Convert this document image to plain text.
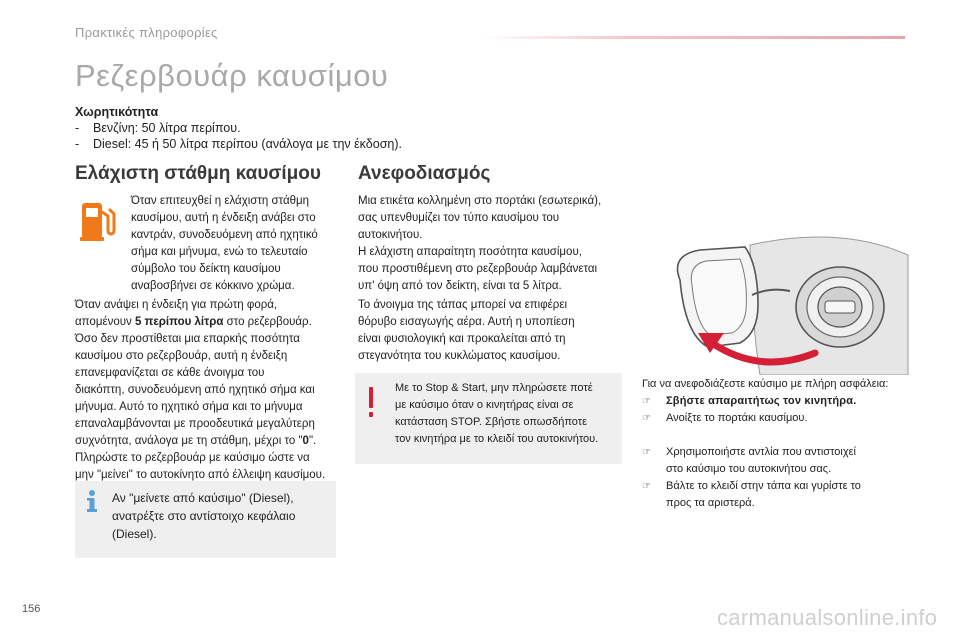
Πρακτικές πληροφορίες
Ρεζερβουάρ καυσίμου
Χωρητικότητα
- Βενζίνη: 50 λίτρα περίπου.
- Diesel: 45 ή 50 λίτρα περίπου (ανάλογα με την έκδοση).
Ελάχιστη στάθμη καυσίμου
Όταν επιτευχθεί η ελάχιστη στάθμη
καυσίμου, αυτή η ένδειξη ανάβει στο
καντράν, συνοδευόμενη από ηχητικό
σήμα και μήνυμα, ενώ το τελευταίο
σύμβολο του δείκτη καυσίμου
αναβοσβήνει σε κόκκινο χρώμα.
Όταν ανάψει η ένδειξη για πρώτη φορά,
απομένουν 5 περίπου λίτρα στο ρεζερβουάρ.
Όσο δεν προστίθεται μια επαρκής ποσότητα
καυσίμου στο ρεζερβουάρ, αυτή η ένδειξη
επανεμφανίζεται σε κάθε άνοιγμα του
διακόπτη, συνοδευόμενη από ηχητικό σήμα και
μήνυμα. Αυτό το ηχητικό σήμα και το μήνυμα
επαναλαμβάνονται με προοδευτικά μεγαλύτερη
συχνότητα, ανάλογα με τη στάθμη, μέχρι το "0".
Πληρώστε το ρεζερβουάρ με καύσιμο ώστε να
μην "μείνει" το αυτοκίνητο από έλλειψη καυσίμου.
Αν "μείνετε από καύσιμο" (Diesel),
ανατρέξτε στο αντίστοιχο κεφάλαιο
(Diesel).
Ανεφοδιασμός
Μια ετικέτα κολλημένη στο πορτάκι (εσωτερικά),
σας υπενθυμίζει τον τύπο καυσίμου του
αυτοκινήτου.
Η ελάχιστη απαραίτητη ποσότητα καυσίμου,
που προστιθέμενη στο ρεζερβουάρ λαμβάνεται
υπ' όψη από τον δείκτη, είναι τα 5 λίτρα.
Το άνοιγμα της τάπας μπορεί να επιφέρει
θόρυβο εισαγωγής αέρα. Αυτή η υποπίεση
είναι φυσιολογική και προκαλείται από τη
στεγανότητα του κυκλώματος καυσίμου.
Με το Stop & Start, μην πληρώσετε ποτέ
με καύσιμο όταν ο κινητήρας είναι σε
κατάσταση STOP. Σβήστε οπωσδήποτε
τον κινητήρα με το κλειδί του αυτοκινήτου.
Για να ανεφοδιάζεστε καύσιμο με πλήρη ασφάλεια:
☞ Σβήστε απαραιτήτως τον κινητήρα.
☞ Ανοίξτε το πορτάκι καυσίμου.
☞ Χρησιμοποιήστε αντλία που αντιστοιχεί
στο καύσιμο του αυτοκινήτου σας.
☞ Βάλτε το κλειδί στην τάπα και γυρίστε το
προς τα αριστερά.
156	carmanualsonline.info
